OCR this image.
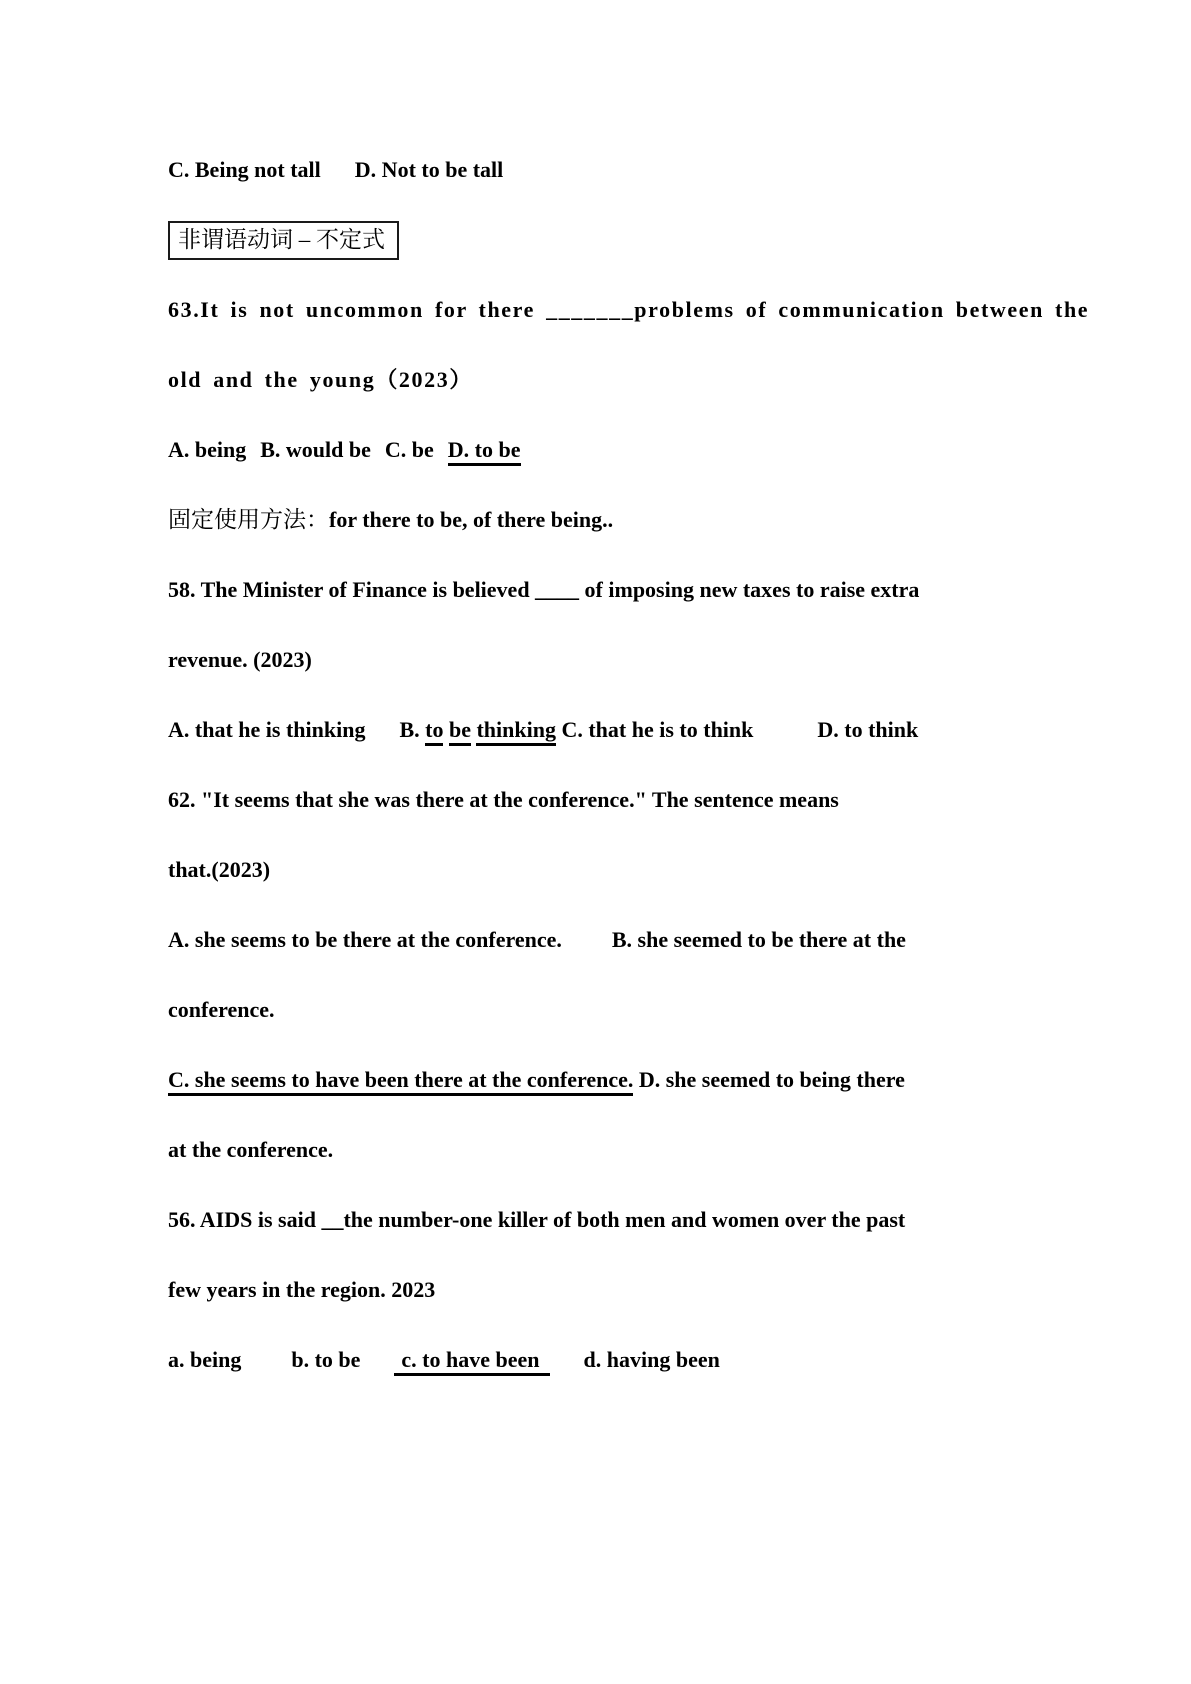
C. Being not tall D. Not to be tall
非谓语动词 – 不定式
63.It is not uncommon for there _______problems of communication between the
old and the young（2023）
A. being B. would be C. be D. to be
固定使用方法：for there to be, of there being..
58. The Minister of Finance is believed ____ of imposing new taxes to raise extra
revenue. (2023)
A. that he is thinking B. to be thinking C. that he is to think	D. to think
62. "It seems that she was there at the conference." The sentence means
that.(2023)
A. she seems to be there at the conference. B. she seemed to be there at the
conference.
C. she seems to have been there at the conference. D. she seemed to being there
at the conference.
56. AIDS is said __the number-one killer of both men and women over the past
few years in the region. 2023
a. being b. to be c. to have been d. having been
